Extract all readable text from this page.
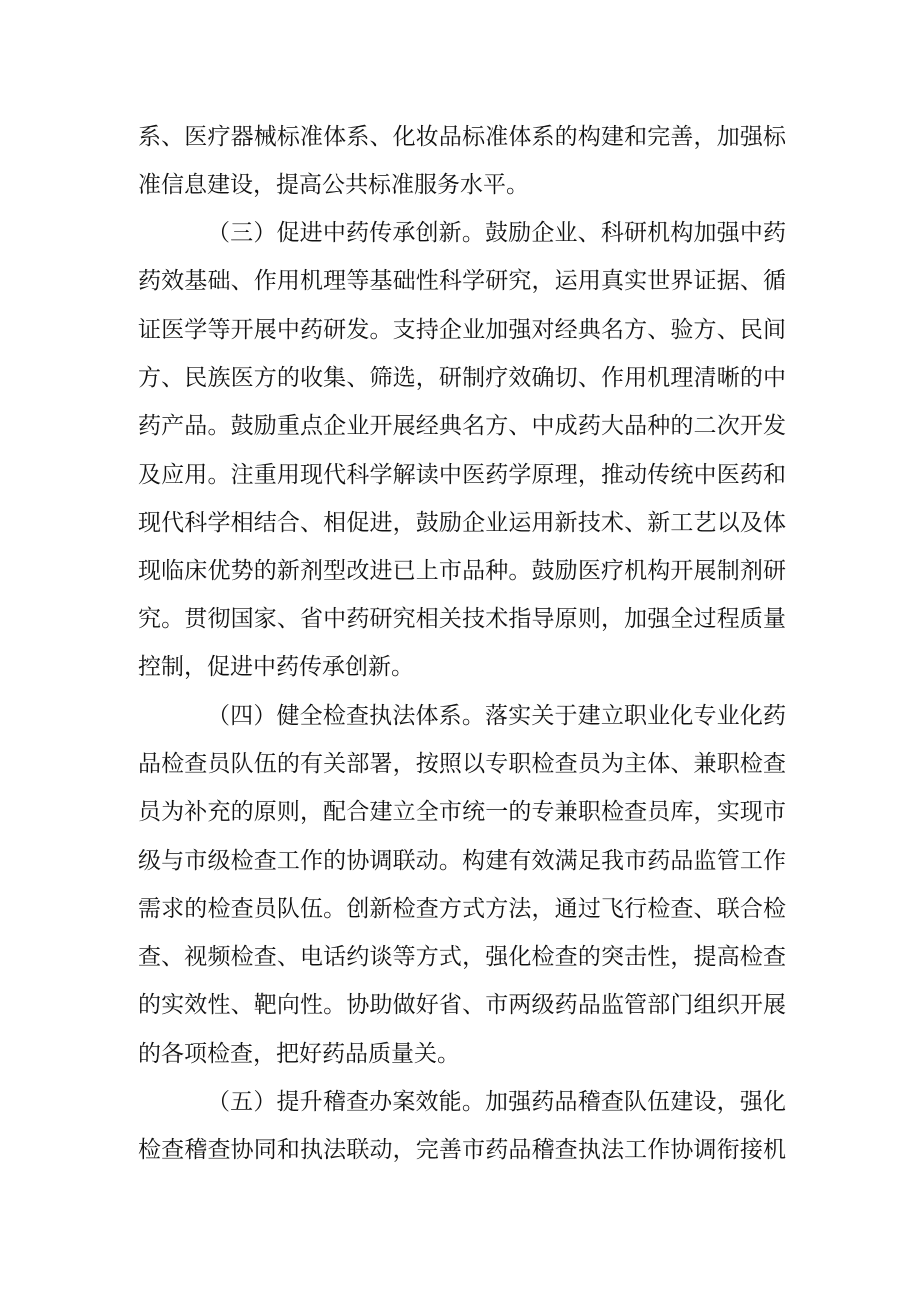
系、医疗器械标准体系、化妆品标准体系的构建和完善，加强标
准信息建设，提高公共标准服务水平。
（三）促进中药传承创新。鼓励企业、科研机构加强中药
药效基础、作用机理等基础性科学研究，运用真实世界证据、循
证医学等开展中药研发。支持企业加强对经典名方、验方、民间
方、民族医方的收集、筛选，研制疗效确切、作用机理清晰的中
药产品。鼓励重点企业开展经典名方、中成药大品种的二次开发
及应用。注重用现代科学解读中医药学原理，推动传统中医药和
现代科学相结合、相促进，鼓励企业运用新技术、新工艺以及体
现临床优势的新剂型改进已上市品种。鼓励医疗机构开展制剂研
究。贯彻国家、省中药研究相关技术指导原则，加强全过程质量
控制，促进中药传承创新。
（四）健全检查执法体系。落实关于建立职业化专业化药
品检查员队伍的有关部署，按照以专职检查员为主体、兼职检查
员为补充的原则，配合建立全市统一的专兼职检查员库，实现市
级与市级检查工作的协调联动。构建有效满足我市药品监管工作
需求的检查员队伍。创新检查方式方法，通过飞行检查、联合检
查、视频检查、电话约谈等方式，强化检查的突击性，提高检查
的实效性、靶向性。协助做好省、市两级药品监管部门组织开展
的各项检查，把好药品质量关。
（五）提升稽查办案效能。加强药品稽查队伍建设，强化
检查稽查协同和执法联动，完善市药品稽查执法工作协调衔接机
